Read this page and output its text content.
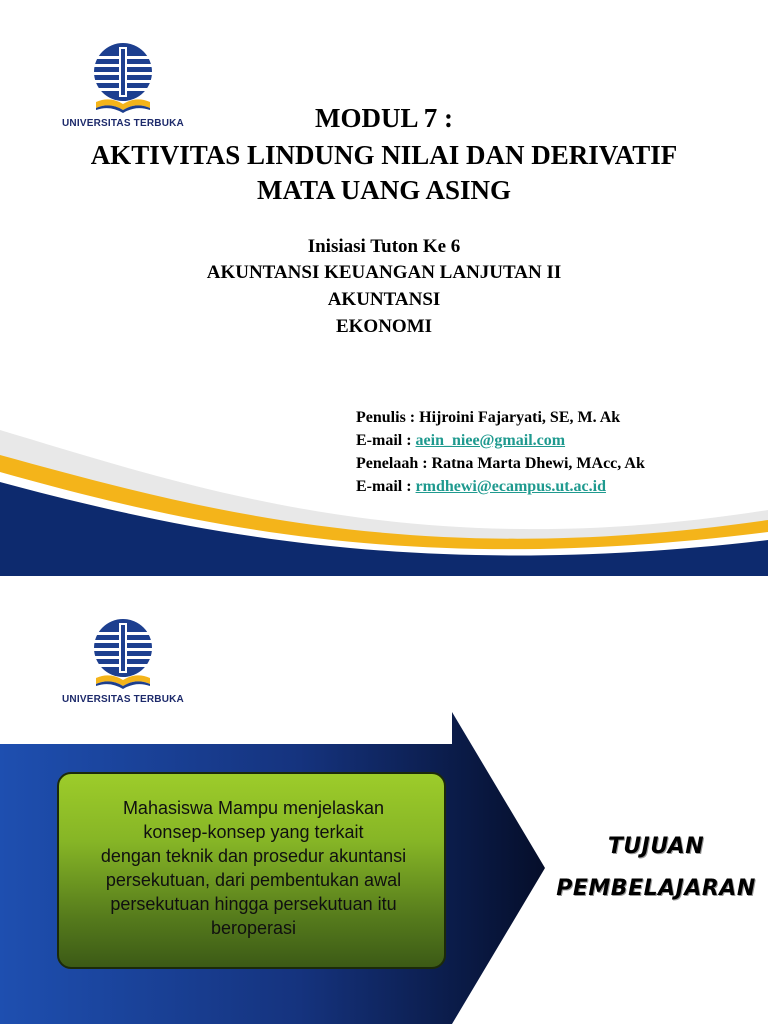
UNIVERSITAS TERBUKA	MODUL 7 :
AKTIVITAS LINDUNG NILAI DAN DERIVATIF
MATA UANG ASING
Inisiasi Tuton Ke 6
AKUNTANSI KEUANGAN LANJUTAN II
AKUNTANSI
EKONOMI
Penulis : Hijroini Fajaryati, SE, M. Ak
E-mail : aein_niee@gmail.com
Penelaah : Ratna Marta Dhewi, MAcc, Ak
E-mail : rmdhewi@ecampus.ut.ac.id
UNIVERSITAS TERBUKA
Mahasiswa Mampu menjelaskan
konsep-konsep yang terkait
dengan teknik dan prosedur akuntansi
persekutuan, dari pembentukan awal
persekutuan hingga persekutuan itu
beroperasi
TUJUAN
PEMBELAJARAN
